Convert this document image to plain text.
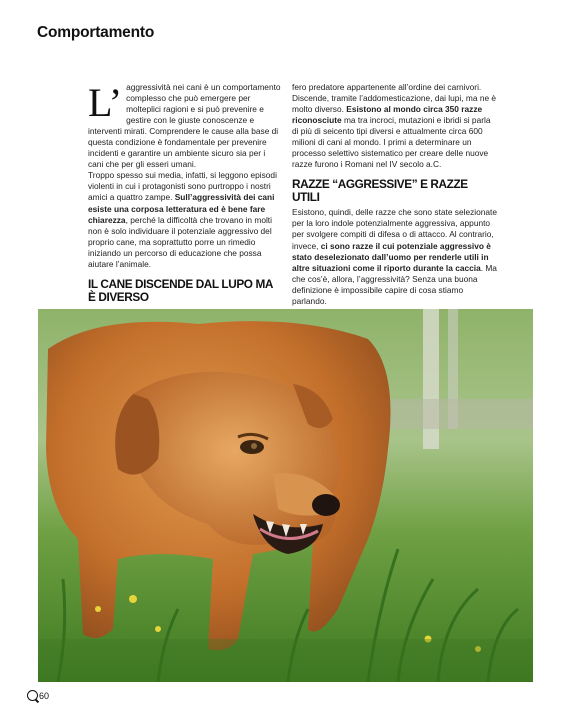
Comportamento

L’ aggressività nei cani è un comportamento complesso che può emergere per molteplici ragioni e si può prevenire e gestire con le giuste conoscenze e interventi mirati. Comprendere le cause alla base di questa condizione è fondamentale per prevenire incidenti e garantire un ambiente sicuro sia per i cani che per gli esseri umani.

Troppo spesso sui media, infatti, si leggono episodi violenti in cui i protagonisti sono purtroppo i nostri amici a quattro zampe. Sull’aggressività dei cani esiste una corposa letteratura ed è bene fare chiarezza, perché la difficoltà che trovano in molti non è solo individuare il potenziale aggressivo del proprio cane, ma soprattutto porre un rimedio iniziando un percorso di educazione che possa aiutare l’animale.

IL CANE DISCENDE DAL LUPO MA È DIVERSO

fero predatore appartenente all’ordine dei carnivori. Discende, tramite l’addomesticazione, dai lupi, ma ne è molto diverso. Esistono al mondo circa 350 razze riconosciute ma tra incroci, mutazioni e ibridi si parla di più di seicento tipi diversi e attualmente circa 600 milioni di cani al mondo. I primi a determinare un processo selettivo sistematico per creare delle nuove razze furono i Romani nel IV secolo a.C.

RAZZE “AGGRESSIVE” E RAZZE UTILI

Esistono, quindi, delle razze che sono state selezionate per la loro indole potenzialmente aggressiva, appunto per svolgere compiti di difesa o di attacco. Al contrario, invece, ci sono razze il cui potenziale aggressivo è stato deselezionato dall’uomo per renderle utili in altre situazioni come il riporto durante la caccia. Ma che cos’è, allora, l’aggressività? Senza una buona definizione è impossibile capire di cosa stiamo parlando.

60
